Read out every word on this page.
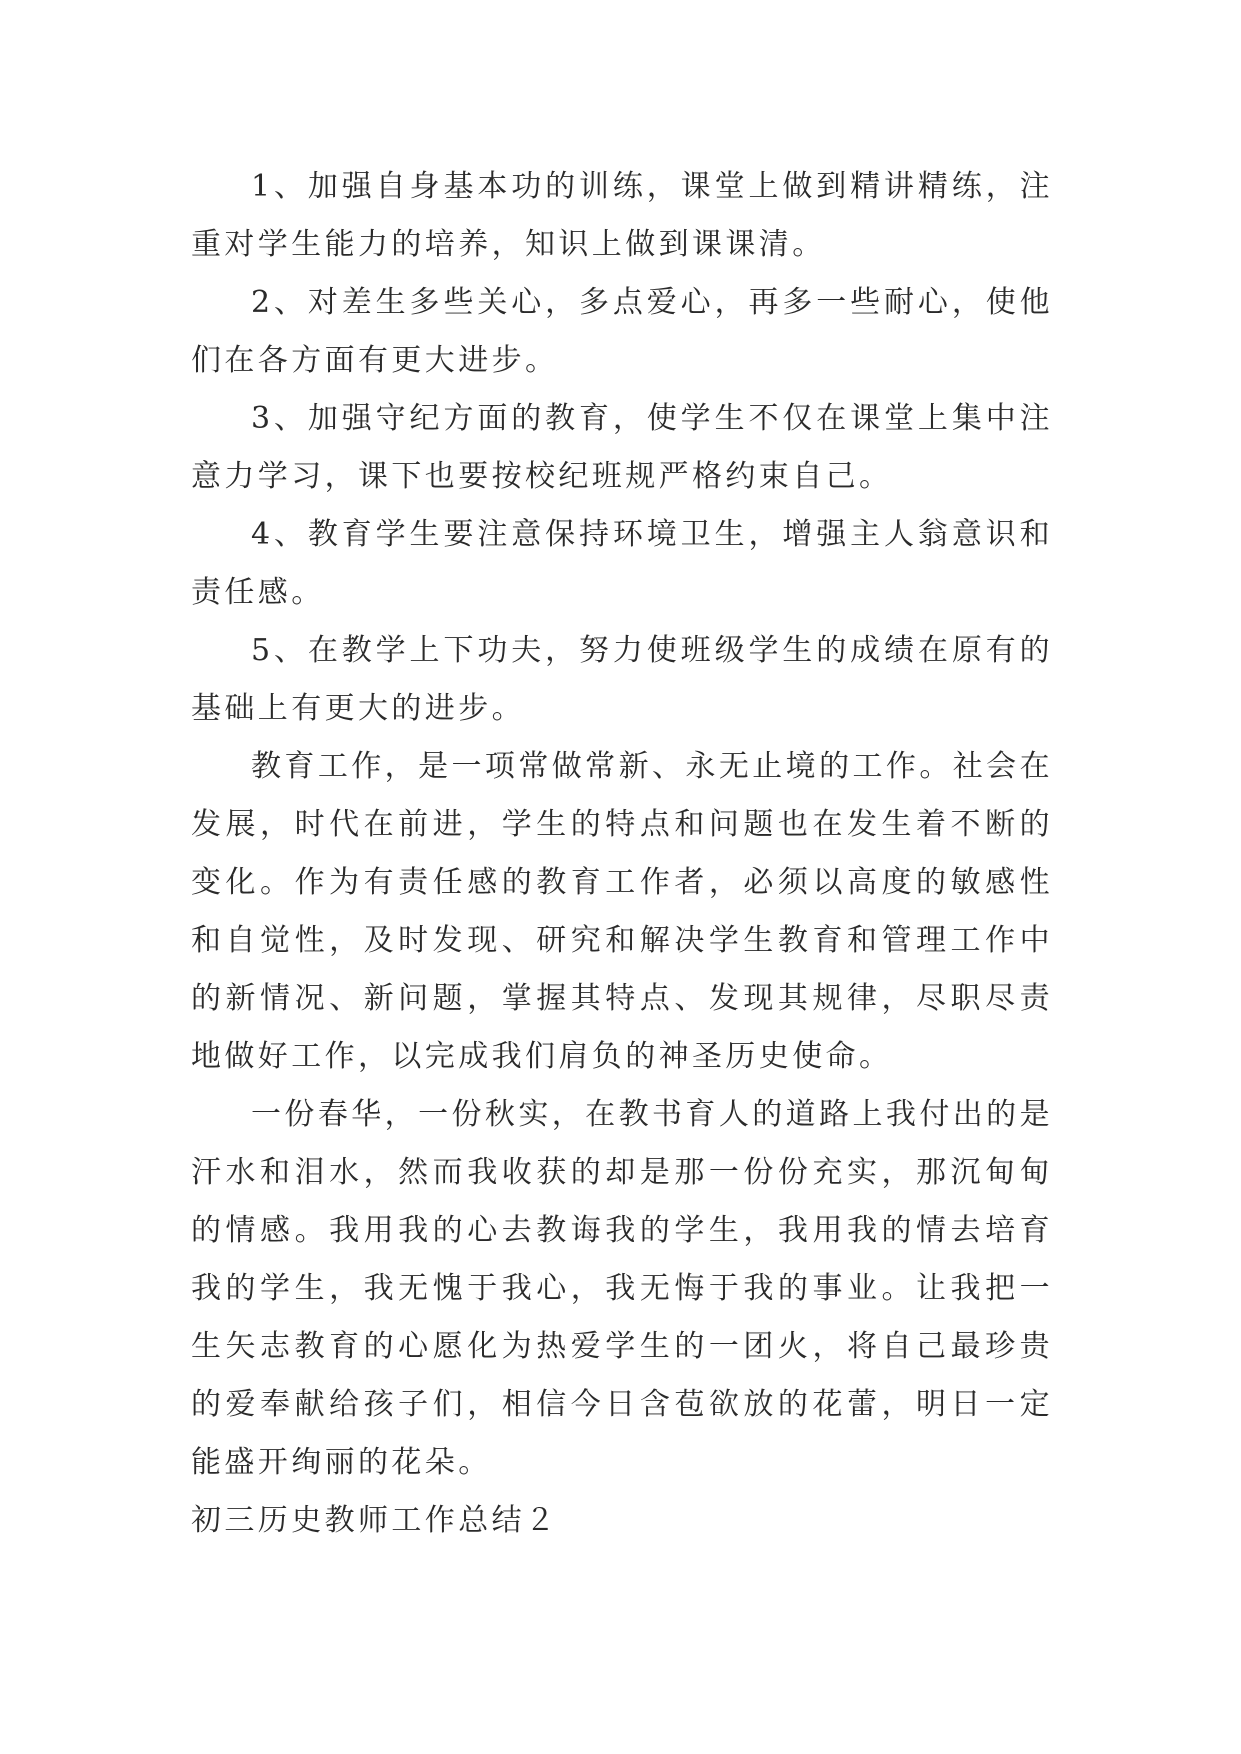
1、加强自身基本功的训练，课堂上做到精讲精练，注重对学生能力的培养，知识上做到课课清。

2、对差生多些关心，多点爱心，再多一些耐心，使他们在各方面有更大进步。

3、加强守纪方面的教育，使学生不仅在课堂上集中注意力学习，课下也要按校纪班规严格约束自己。

4、教育学生要注意保持环境卫生，增强主人翁意识和责任感。

5、在教学上下功夫，努力使班级学生的成绩在原有的基础上有更大的进步。

教育工作，是一项常做常新、永无止境的工作。社会在发展，时代在前进，学生的特点和问题也在发生着不断的变化。作为有责任感的教育工作者，必须以高度的敏感性和自觉性，及时发现、研究和解决学生教育和管理工作中的新情况、新问题，掌握其特点、发现其规律，尽职尽责地做好工作，以完成我们肩负的神圣历史使命。

一份春华，一份秋实，在教书育人的道路上我付出的是汗水和泪水，然而我收获的却是那一份份充实，那沉甸甸的情感。我用我的心去教诲我的学生，我用我的情去培育我的学生，我无愧于我心，我无悔于我的事业。让我把一生矢志教育的心愿化为热爱学生的一团火，将自己最珍贵的爱奉献给孩子们，相信今日含苞欲放的花蕾，明日一定能盛开绚丽的花朵。

初三历史教师工作总结２
